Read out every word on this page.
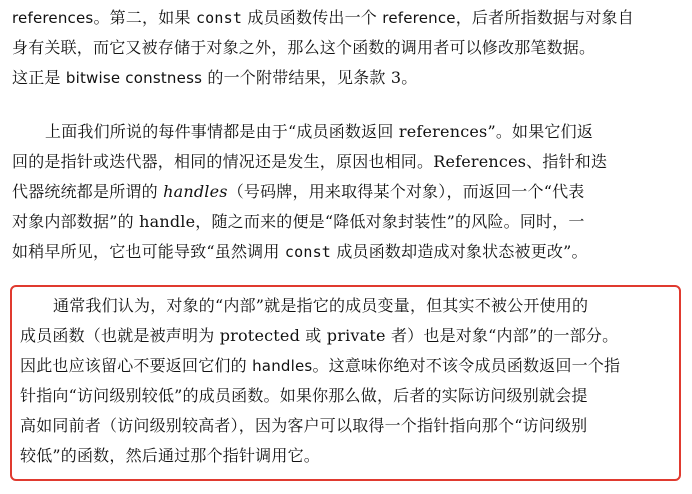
references。第二，如果 const 成员函数传出一个 reference，后者所指数据与对象自
身有关联，而它又被存储于对象之外，那么这个函数的调用者可以修改那笔数据。
这正是 bitwise constness 的一个附带结果，见条款 3。
上面我们所说的每件事情都是由于“成员函数返回 references”。如果它们返
回的是指针或迭代器，相同的情况还是发生，原因也相同。References、指针和迭
代器统统都是所谓的 handles（号码牌，用来取得某个对象），而返回一个“代表
对象内部数据”的 handle，随之而来的便是“降低对象封装性”的风险。同时，一
如稍早所见，它也可能导致“虽然调用 const 成员函数却造成对象状态被更改”。
通常我们认为，对象的“内部”就是指它的成员变量，但其实不被公开使用的
成员函数（也就是被声明为 protected 或 private 者）也是对象“内部”的一部分。
因此也应该留心不要返回它们的 handles。这意味你绝对不该令成员函数返回一个指
针指向“访问级别较低”的成员函数。如果你那么做，后者的实际访问级别就会提
高如同前者（访问级别较高者），因为客户可以取得一个指针指向那个“访问级别
较低”的函数，然后通过那个指针调用它。
